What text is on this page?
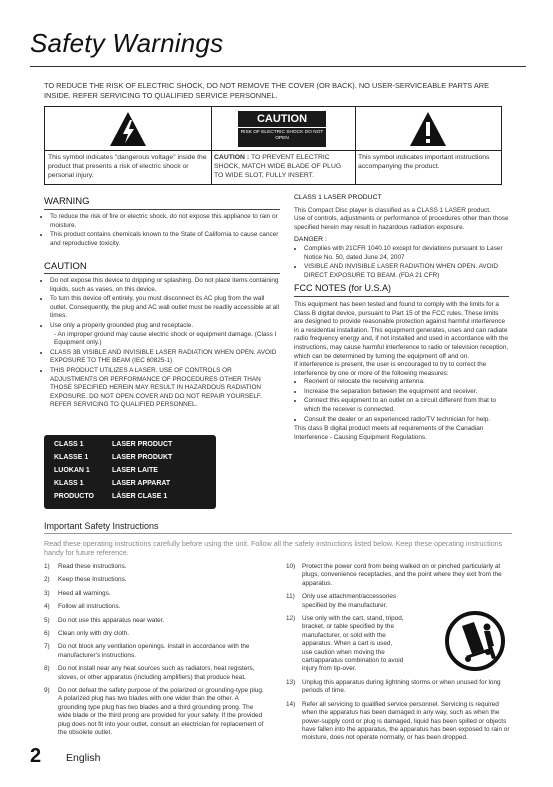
Safety Warnings
TO REDUCE THE RISK OF ELECTRIC SHOCK, DO NOT REMOVE THE COVER (OR BACK). NO USER-SERVICEABLE PARTS ARE INSIDE. REFER SERVICING TO QUALIFIED SERVICE PERSONNEL.
This symbol indicates "dangerous voltage" inside the product that presents a risk of electric shock or personal injury.
CAUTION
RISK OF ELECTRIC SHOCK DO NOT OPEN
CAUTION : TO PREVENT ELECTRIC SHOCK, MATCH WIDE BLADE OF PLUG TO WIDE SLOT, FULLY INSERT.
This symbol indicates important instructions accompanying the product.
WARNING
• To reduce the risk of fire or electric shock, do not expose this appliance to rain or moisture.
• This product contains chemicals known to the State of California to cause cancer and reproductive toxicity.
CAUTION
• Do not expose this device to dripping or splashing. Do not place items containing liquids, such as vases, on this device.
• To turn this device off entirely, you must disconnect its AC plug from the wall outlet. Consequently, the plug and AC wall outlet must be readily accessible at all times.
• Use only a properly grounded plug and receptacle.
- An improper ground may cause electric shock or equipment damage. (Class I Equipment only.)
• CLASS 3B VISIBLE AND INVISIBLE LASER RADIATION WHEN OPEN. AVOID EXPOSURE TO THE BEAM (IEC 60825-1)
• THIS PRODUCT UTILIZES A LASER. USE OF CONTROLS OR ADJUSTMENTS OR PERFORMANCE OF PROCEDURES OTHER THAN THOSE SPECIFIED HEREIN MAY RESULT IN HAZARDOUS RADIATION EXPOSURE. DO NOT OPEN COVER AND DO NOT REPAIR YOURSELF. REFER SERVICING TO QUALIFIED PERSONNEL.
CLASS 1	LASER PRODUCT
KLASSE 1	LASER PRODUKT
LUOKAN 1	LASER LAITE
KLASS 1	LASER APPARAT
PRODUCTO	LÁSER CLASE 1
CLASS 1 LASER PRODUCT
This Compact Disc player is classified as a CLASS 1 LASER product.
Use of controls, adjustments or performance of procedures other than those specified herein may result in hazardous radiation exposure.
DANGER :
• Complies with 21CFR 1040.10 except for deviations pursuant to Laser Notice No. 50, dated June 24, 2007
• VISIBLE AND INVISIBLE LASER RADIATION WHEN OPEN. AVOID DIRECT EXPOSURE TO BEAM. (FDA 21 CFR)
FCC NOTES (for U.S.A)
This equipment has been tested and found to comply with the limits for a Class B digital device, pursuant to Part 15 of the FCC rules. These limits are designed to provide reasonable protection against harmful interference in a residential installation. This equipment generates, uses and can radiate radio frequency energy and, if not installed and used in accordance with the instructions, may cause harmful interference to radio or television reception, which can be determined by turning the equipment off and on.
If interference is present, the user is encouraged to try to correct the interference by one or more of the following measures:
• Reorient or relocate the receiving antenna.
• Increase the separation between the equipment and receiver.
• Connect this equipment to an outlet on a circuit different from that to which the receiver is connected.
• Consult the dealer or an experienced radio/TV technician for help.
This class B digital product meets all requirements of the Canadian Interference - Causing Equipment Regulations.
Important Safety Instructions
Read these operating instructions carefully before using the unit. Follow all the safety instructions listed below. Keep these operating instructions handy for future reference.
1) Read these instructions.
2) Keep these Instructions.
3) Heed all warnings.
4) Follow all instructions.
5) Do not use this apparatus near water.
6) Clean only with dry cloth.
7) Do not block any ventilation openings. Install in accordance with the manufacturer's instructions.
8) Do not install near any heat sources such as radiators, heat registers, stoves, or other apparatus (including amplifiers) that produce heat.
9) Do not defeat the safety purpose of the polarized or grounding-type plug. A polarized plug has two blades with one wider than the other. A grounding type plug has two blades and a third grounding prong. The wide blade or the third prong are provided for your safety. If the provided plug does not fit into your outlet, consult an electrician for replacement of the obsolete outlet.
10) Protect the power cord from being walked on or pinched particularly at plugs, convenience receptacles, and the point where they exit from the apparatus.
11) Only use attachment/accessories specified by the manufacturer.
12) Use only with the cart, stand, tripod, bracket, or table specified by the manufacturer, or sold with the apparatus. When a cart is used, use caution when moving the cart/apparatus combination to avoid injury from tip-over.
13) Unplug this apparatus during lightning storms or when unused for long periods of time.
14) Refer all servicing to qualified service personnel. Servicing is required when the apparatus has been damaged in any way, such as when the power-supply cord or plug is damaged, liquid has been spilled or objects have fallen into the apparatus, the apparatus has been exposed to rain or moisture, does not operate normally, or has been dropped.
2 English
